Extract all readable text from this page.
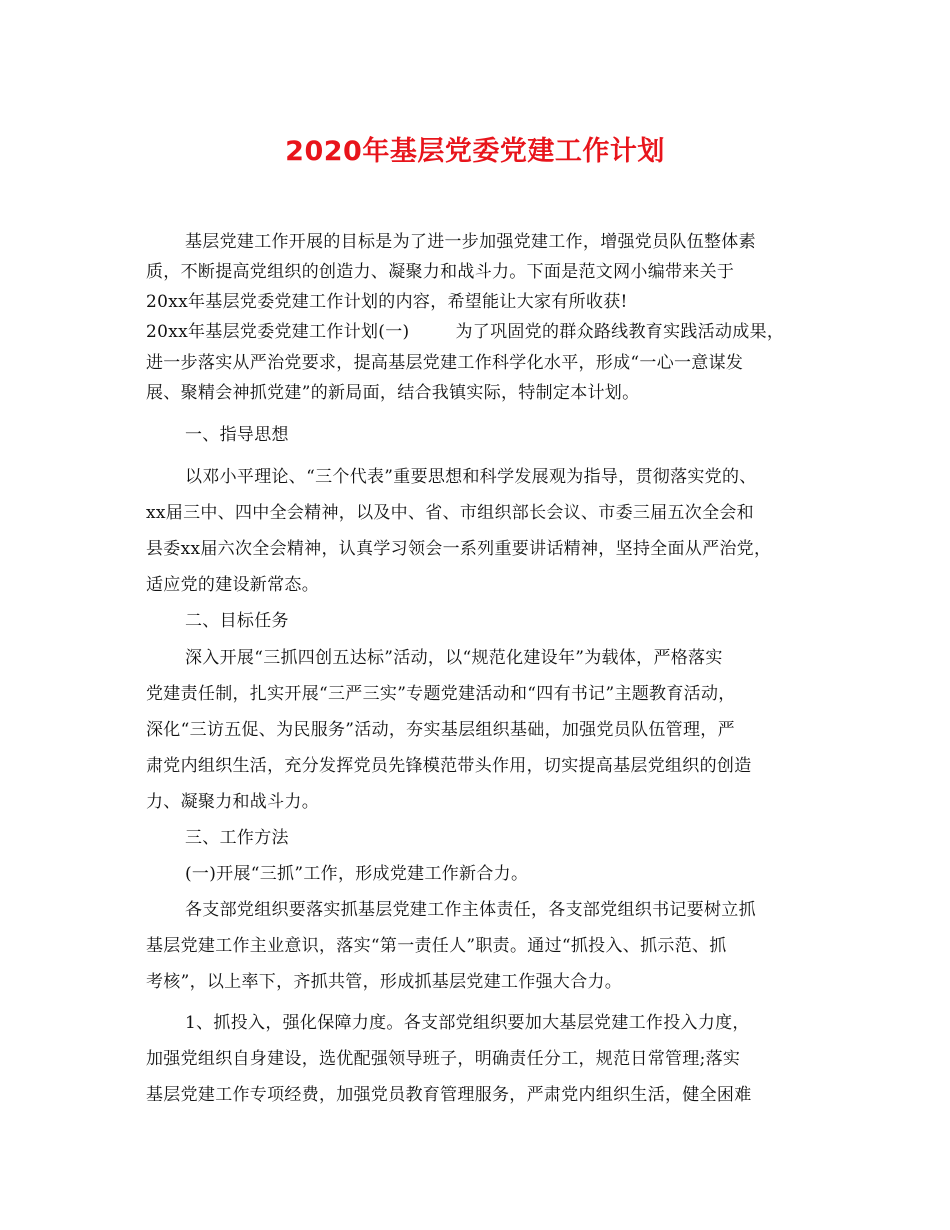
2020年基层党委党建工作计划
基层党建工作开展的目标是为了进一步加强党建工作，增强党员队伍整体素
质，不断提高党组织的创造力、凝聚力和战斗力。下面是范文网小编带来关于
20xx年基层党委党建工作计划的内容，希望能让大家有所收获!
20xx年基层党委党建工作计划(一)	为了巩固党的群众路线教育实践活动成果，
进一步落实从严治党要求，提高基层党建工作科学化水平，形成“一心一意谋发
展、聚精会神抓党建”的新局面，结合我镇实际，特制定本计划。
一、指导思想
以邓小平理论、“三个代表”重要思想和科学发展观为指导，贯彻落实党的、
xx届三中、四中全会精神，以及中、省、市组织部长会议、市委三届五次全会和
县委xx届六次全会精神，认真学习领会一系列重要讲话精神，坚持全面从严治党，
适应党的建设新常态。
二、目标任务
深入开展“三抓四创五达标”活动，以“规范化建设年”为载体，严格落实
党建责任制，扎实开展“三严三实”专题党建活动和“四有书记”主题教育活动，
深化“三访五促、为民服务”活动，夯实基层组织基础，加强党员队伍管理，严
肃党内组织生活，充分发挥党员先锋模范带头作用，切实提高基层党组织的创造
力、凝聚力和战斗力。
三、工作方法
(一)开展“三抓”工作，形成党建工作新合力。
各支部党组织要落实抓基层党建工作主体责任，各支部党组织书记要树立抓
基层党建工作主业意识，落实“第一责任人”职责。通过“抓投入、抓示范、抓
考核”，以上率下，齐抓共管，形成抓基层党建工作强大合力。
1、抓投入，强化保障力度。各支部党组织要加大基层党建工作投入力度，
加强党组织自身建设，选优配强领导班子，明确责任分工，规范日常管理;落实
基层党建工作专项经费，加强党员教育管理服务，严肃党内组织生活，健全困难
